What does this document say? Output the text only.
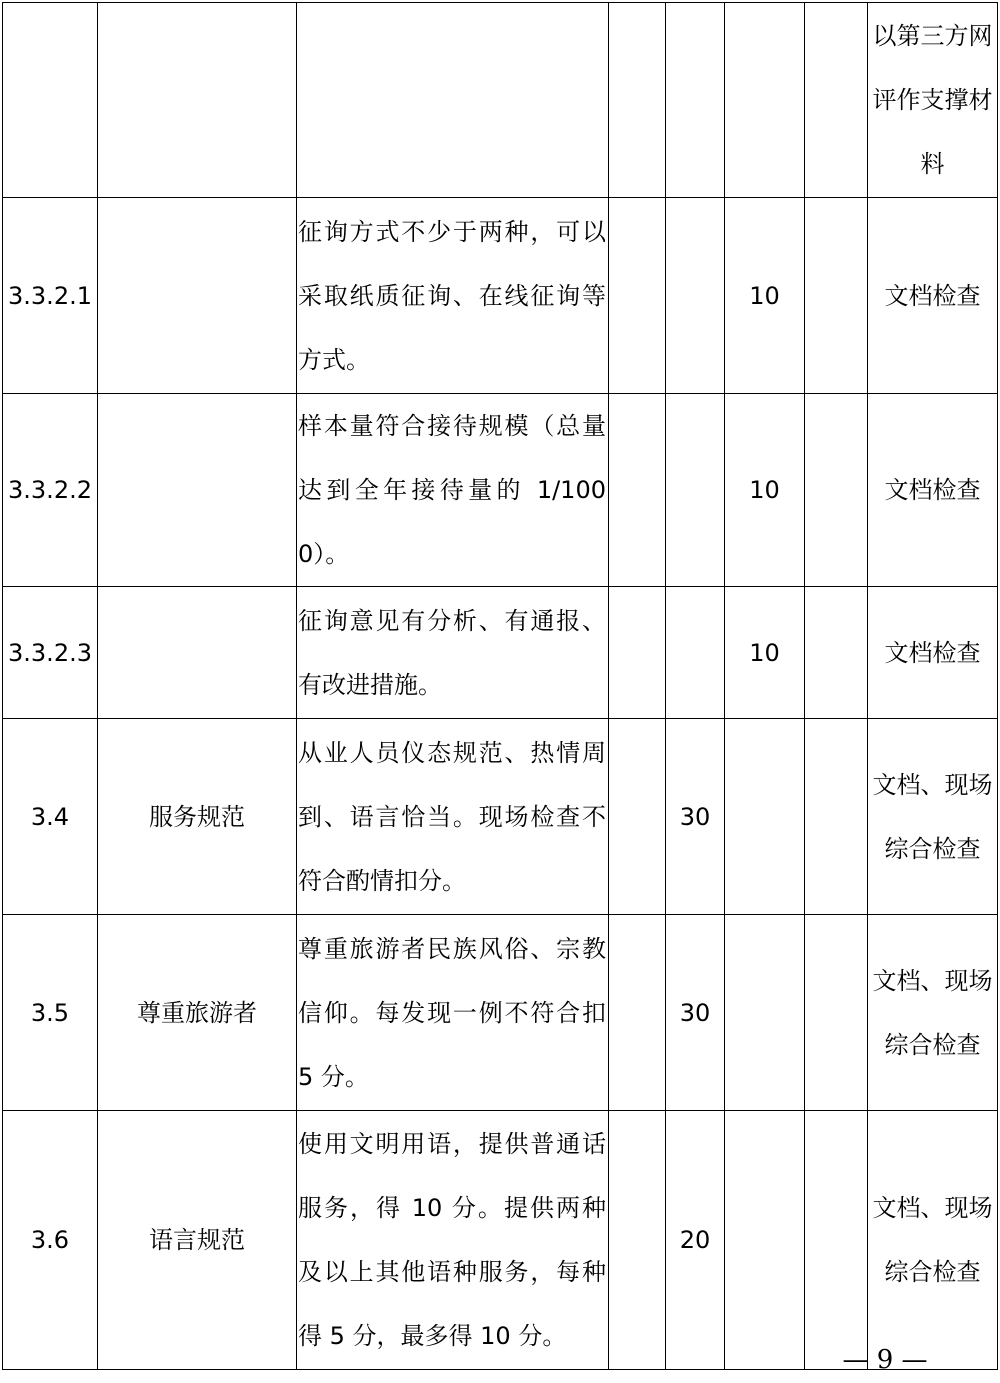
							以第三方网评作支撑材料
3.3.2.1		征询方式不少于两种，可以采取纸质征询、在线征询等方式。			10		文档检查
3.3.2.2		样本量符合接待规模（总量达到全年接待量的 1/1000）。			10		文档检查
3.3.2.3		征询意见有分析、有通报、有改进措施。			10		文档检查
3.4	服务规范	从业人员仪态规范、热情周到、语言恰当。现场检查不符合酌情扣分。		30			文档、现场综合检查
3.5	尊重旅游者	尊重旅游者民族风俗、宗教信仰。每发现一例不符合扣 5 分。		30			文档、现场综合检查
3.6	语言规范	使用文明用语，提供普通话服务，得 10 分。提供两种及以上其他语种服务，每种得 5 分，最多得 10 分。		20			文档、现场综合检查
— 9 —
